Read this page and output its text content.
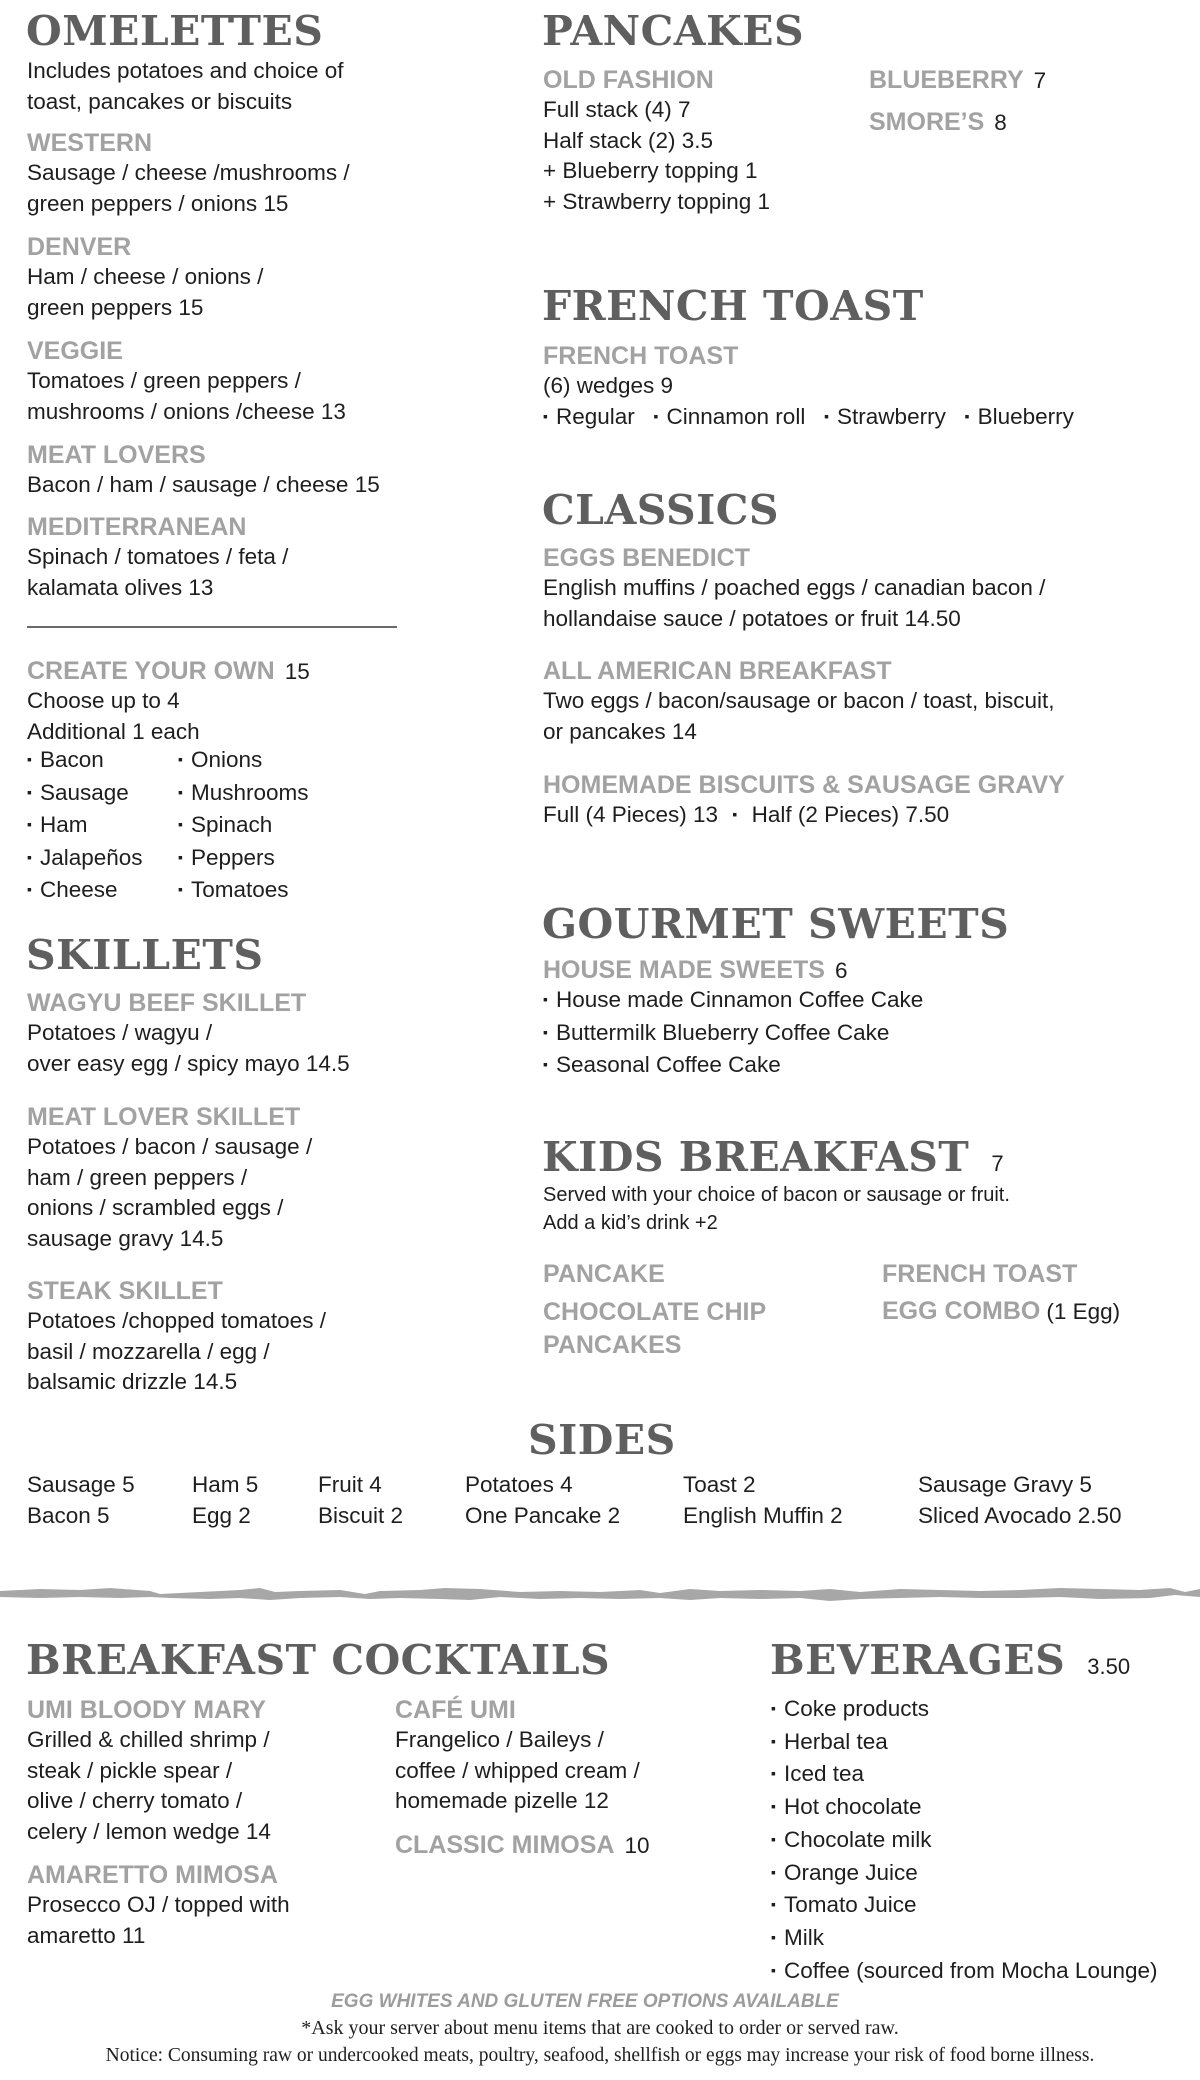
OMELETTES
Includes potatoes and choice of
toast, pancakes or biscuits
WESTERN
Sausage / cheese /mushrooms /
green peppers / onions 15
DENVER
Ham / cheese / onions /
green peppers 15
VEGGIE
Tomatoes / green peppers /
mushrooms / onions /cheese 13
MEAT LOVERS
Bacon / ham / sausage / cheese 15
MEDITERRANEAN
Spinach / tomatoes / feta /
kalamata olives 13
CREATE YOUR OWN 15
Choose up to 4
Additional 1 each
▪ Bacon
▪ Sausage
▪ Ham
▪ Jalapeños
▪ Cheese
▪ Onions
▪ Mushrooms
▪ Spinach
▪ Peppers
▪ Tomatoes
SKILLETS
WAGYU BEEF SKILLET
Potatoes / wagyu /
over easy egg / spicy mayo 14.5
MEAT LOVER SKILLET
Potatoes / bacon / sausage /
ham / green peppers /
onions / scrambled eggs /
sausage gravy 14.5
STEAK SKILLET
Potatoes /chopped tomatoes /
basil / mozzarella / egg /
balsamic drizzle 14.5
PANCAKES
OLD FASHION
Full stack (4) 7
Half stack (2) 3.5
+ Blueberry topping 1
+ Strawberry topping 1
BLUEBERRY 7
SMORE’S 8
FRENCH TOAST
FRENCH TOAST
(6) wedges 9
▪ Regular ▪ Cinnamon roll ▪ Strawberry ▪ Blueberry
CLASSICS
EGGS BENEDICT
English muffins / poached eggs / canadian bacon /
hollandaise sauce / potatoes or fruit 14.50
ALL AMERICAN BREAKFAST
Two eggs / bacon/sausage or bacon / toast, biscuit,
or pancakes 14
HOMEMADE BISCUITS & SAUSAGE GRAVY
Full (4 Pieces) 13 ▪ Half (2 Pieces) 7.50
GOURMET SWEETS
HOUSE MADE SWEETS 6
▪ House made Cinnamon Coffee Cake
▪ Buttermilk Blueberry Coffee Cake
▪ Seasonal Coffee Cake
KIDS BREAKFAST 7
Served with your choice of bacon or sausage or fruit.
Add a kid’s drink +2
PANCAKE
CHOCOLATE CHIP
PANCAKES
FRENCH TOAST
EGG COMBO (1 Egg)
SIDES
Sausage 5
Bacon 5
Ham 5
Egg 2
Fruit 4
Biscuit 2
Potatoes 4
One Pancake 2
Toast 2
English Muffin 2
Sausage Gravy 5
Sliced Avocado 2.50
BREAKFAST COCKTAILS
UMI BLOODY MARY
Grilled & chilled shrimp /
steak / pickle spear /
olive / cherry tomato /
celery / lemon wedge 14
AMARETTO MIMOSA
Prosecco OJ / topped with
amaretto 11
CAFÉ UMI
Frangelico / Baileys /
coffee / whipped cream /
homemade pizelle 12
CLASSIC MIMOSA 10
BEVERAGES 3.50
▪ Coke products
▪ Herbal tea
▪ Iced tea
▪ Hot chocolate
▪ Chocolate milk
▪ Orange Juice
▪ Tomato Juice
▪ Milk
▪ Coffee (sourced from Mocha Lounge)
EGG WHITES AND GLUTEN FREE OPTIONS AVAILABLE
*Ask your server about menu items that are cooked to order or served raw.
Notice: Consuming raw or undercooked meats, poultry, seafood, shellfish or eggs may increase your risk of food borne illness.
